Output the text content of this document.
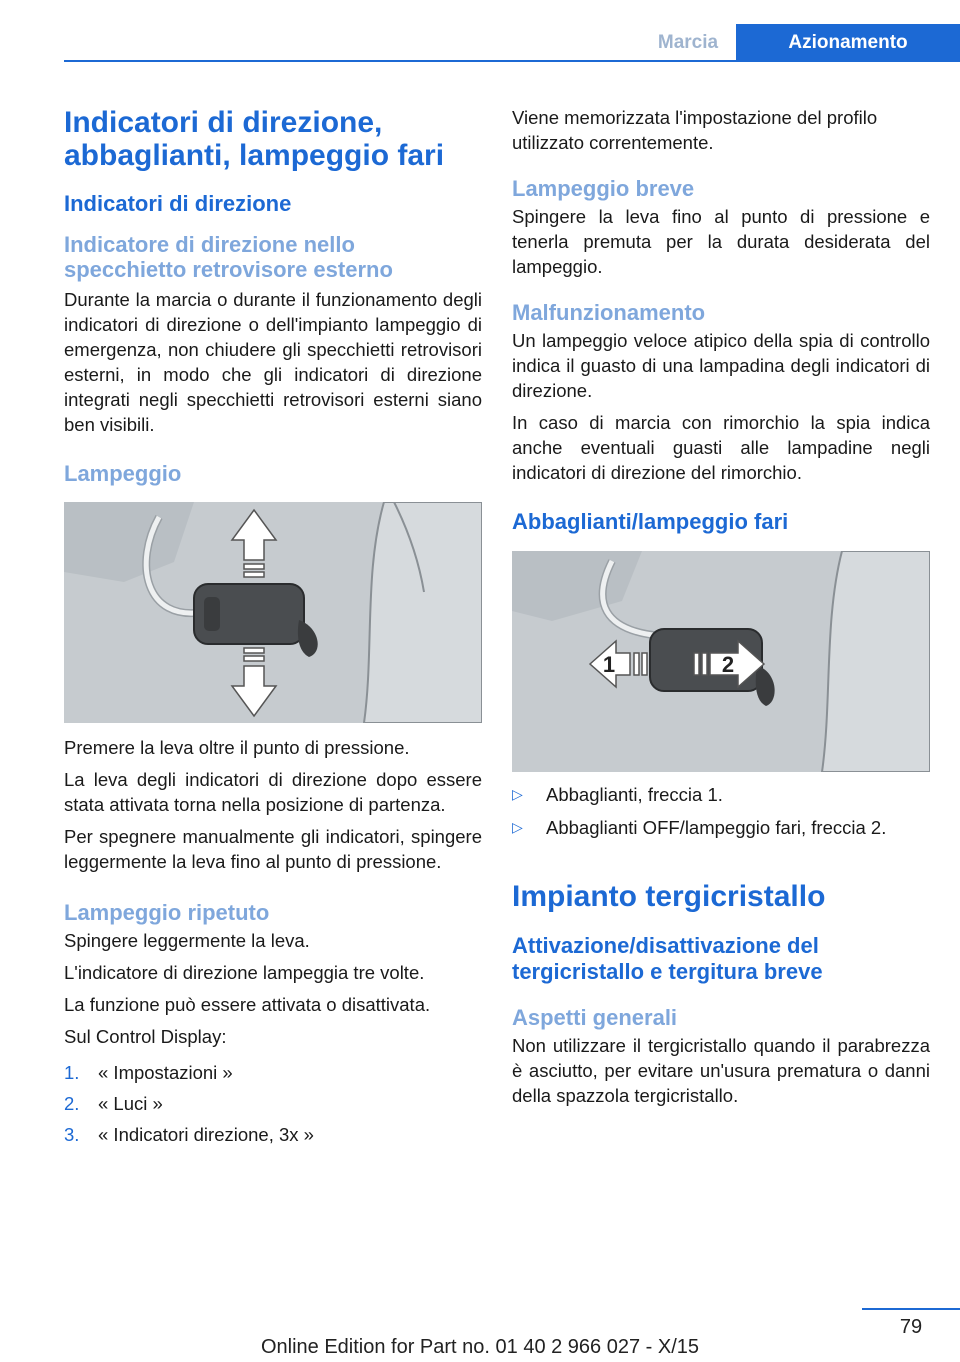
Marcia	Azionamento
Indicatori di direzione, abbaglianti, lampeggio fari
Indicatori di direzione
Indicatore di direzione nello specchietto retrovisore esterno

Durante la marcia o durante il funzionamento degli indicatori di direzione o dell'impianto lampeggio di emergenza, non chiudere gli specchietti retrovisori esterni, in modo che gli indicatori di direzione integrati negli specchietti retrovisori esterni siano ben visibili.

Lampeggio

Premere la leva oltre il punto di pressione.

La leva degli indicatori di direzione dopo essere stata attivata torna nella posizione di partenza.

Per spegnere manualmente gli indicatori, spingere leggermente la leva fino al punto di pressione.

Lampeggio ripetuto

Spingere leggermente la leva.

L'indicatore di direzione lampeggia tre volte.

La funzione può essere attivata o disattivata.

Sul Control Display:

1.	« Impostazioni »
2.	« Luci »
3.	« Indicatori direzione, 3x »

Viene memorizzata l'impostazione del profilo utilizzato correntemente.

Lampeggio breve

Spingere la leva fino al punto di pressione e tenerla premuta per la durata desiderata del lampeggio.

Malfunzionamento

Un lampeggio veloce atipico della spia di controllo indica il guasto di una lampadina degli indicatori di direzione.

In caso di marcia con rimorchio la spia indica anche eventuali guasti alle lampadine negli indicatori di direzione del rimorchio.

Abbaglianti/lampeggio fari
1	2
▷	Abbaglianti, freccia 1.
▷	Abbaglianti OFF/lampeggio fari, freccia 2.
Impianto tergicristallo
Attivazione/disattivazione del tergicristallo e tergitura breve
Aspetti generali

Non utilizzare il tergicristallo quando il parabrezza è asciutto, per evitare un'usura prematura o danni della spazzola tergicristallo.

79
Online Edition for Part no. 01 40 2 966 027 - X/15
